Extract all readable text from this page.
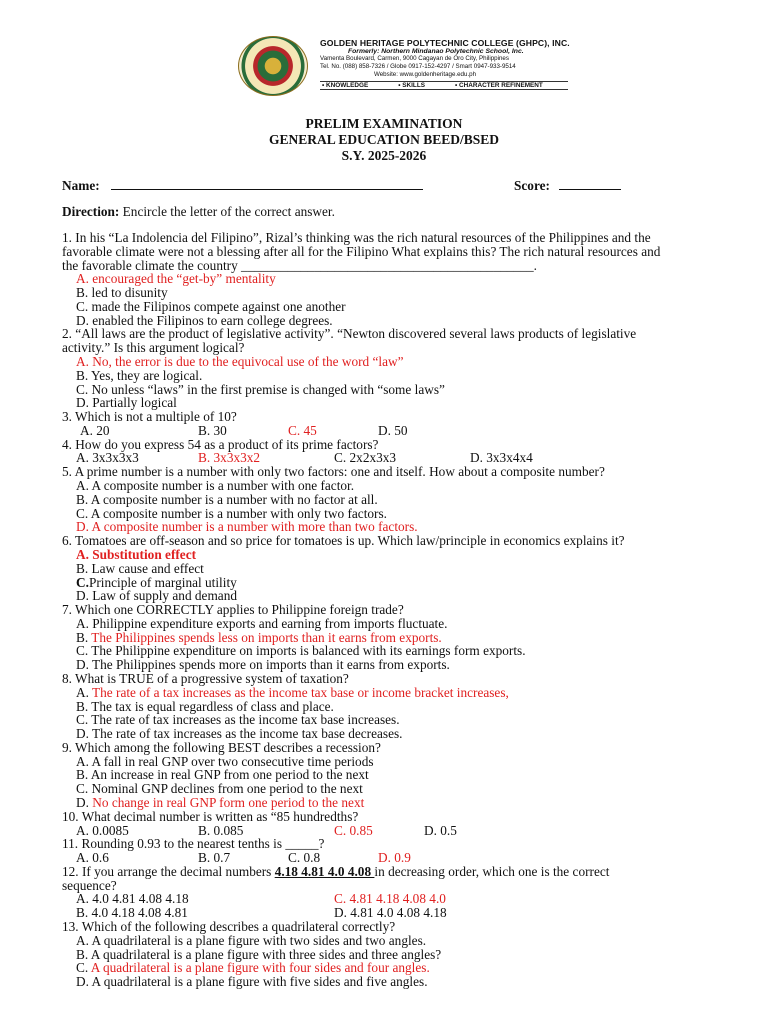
GOLDEN HERITAGE POLYTECHNIC COLLEGE (GHPC), INC.
Formerly: Northern Mindanao Polytechnic School, Inc.
Vamenta Boulevard, Carmen, 9000 Cagayan de Oro City, Philippines
Tel. No. (088) 858-7326 / Globe 0917-152-4297 / Smart 0947-933-9514
Website: www.goldenheritage.edu.ph
• KNOWLEDGE	• SKILLS	• CHARACTER REFINEMENT
PRELIM EXAMINATION
GENERAL EDUCATION BEED/BSED
S.Y. 2025-2026
Name:	Score:
Direction: Encircle the letter of the correct answer.
1. In his “La Indolencia del Filipino”, Rizal’s thinking was the rich natural resources of the Philippines and the
favorable climate were not a blessing after all for the Filipino What explains this? The rich natural resources and
the favorable climate the country ____________________________________________.
A. encouraged the “get-by” mentality
B. led to disunity
C. made the Filipinos compete against one another
D. enabled the Filipinos to earn college degrees.
2. “All laws are the product of legislative activity”. “Newton discovered several laws products of legislative
activity.” Is this argument logical?
A. No, the error is due to the equivocal use of the word “law”
B. Yes, they are logical.
C. No unless “laws” in the first premise is changed with “some laws”
D. Partially logical
3. Which is not a multiple of 10?
A. 20	B. 30	C. 45	D. 50
4. How do you express 54 as a product of its prime factors?
A. 3x3x3x3	B. 3x3x3x2	C. 2x2x3x3	D. 3x3x4x4
5. A prime number is a number with only two factors: one and itself. How about a composite number?
A. A composite number is a number with one factor.
B. A composite number is a number with no factor at all.
C. A composite number is a number with only two factors.
D. A composite number is a number with more than two factors.
6. Tomatoes are off-season and so price for tomatoes is up. Which law/principle in economics explains it?
A. Substitution effect
B. Law cause and effect
C.Principle of marginal utility
D. Law of supply and demand
7. Which one CORRECTLY applies to Philippine foreign trade?
A. Philippine expenditure exports and earning from imports fluctuate.
B. The Philippines spends less on imports than it earns from exports.
C. The Philippine expenditure on imports is balanced with its earnings form exports.
D. The Philippines spends more on imports than it earns from exports.
8. What is TRUE of a progressive system of taxation?
A. The rate of a tax increases as the income tax base or income bracket increases,
B. The tax is equal regardless of class and place.
C. The rate of tax increases as the income tax base increases.
D. The rate of tax increases as the income tax base decreases.
9. Which among the following BEST describes a recession?
A. A fall in real GNP over two consecutive time periods
B. An increase in real GNP from one period to the next
C. Nominal GNP declines from one period to the next
D. No change in real GNP form one period to the next
10. What decimal number is written as “85 hundredths?
A. 0.0085	B. 0.085	C. 0.85	D. 0.5
11. Rounding 0.93 to the nearest tenths is _____?
A. 0.6	B. 0.7	C. 0.8	D. 0.9
12. If you arrange the decimal numbers 4.18 4.81 4.0 4.08 in decreasing order, which one is the correct
sequence?
A. 4.0 4.81 4.08 4.18	C. 4.81 4.18 4.08 4.0
B. 4.0 4.18 4.08 4.81	D. 4.81 4.0 4.08 4.18
13. Which of the following describes a quadrilateral correctly?
A. A quadrilateral is a plane figure with two sides and two angles.
B. A quadrilateral is a plane figure with three sides and three angles?
C. A quadrilateral is a plane figure with four sides and four angles.
D. A quadrilateral is a plane figure with five sides and five angles.
